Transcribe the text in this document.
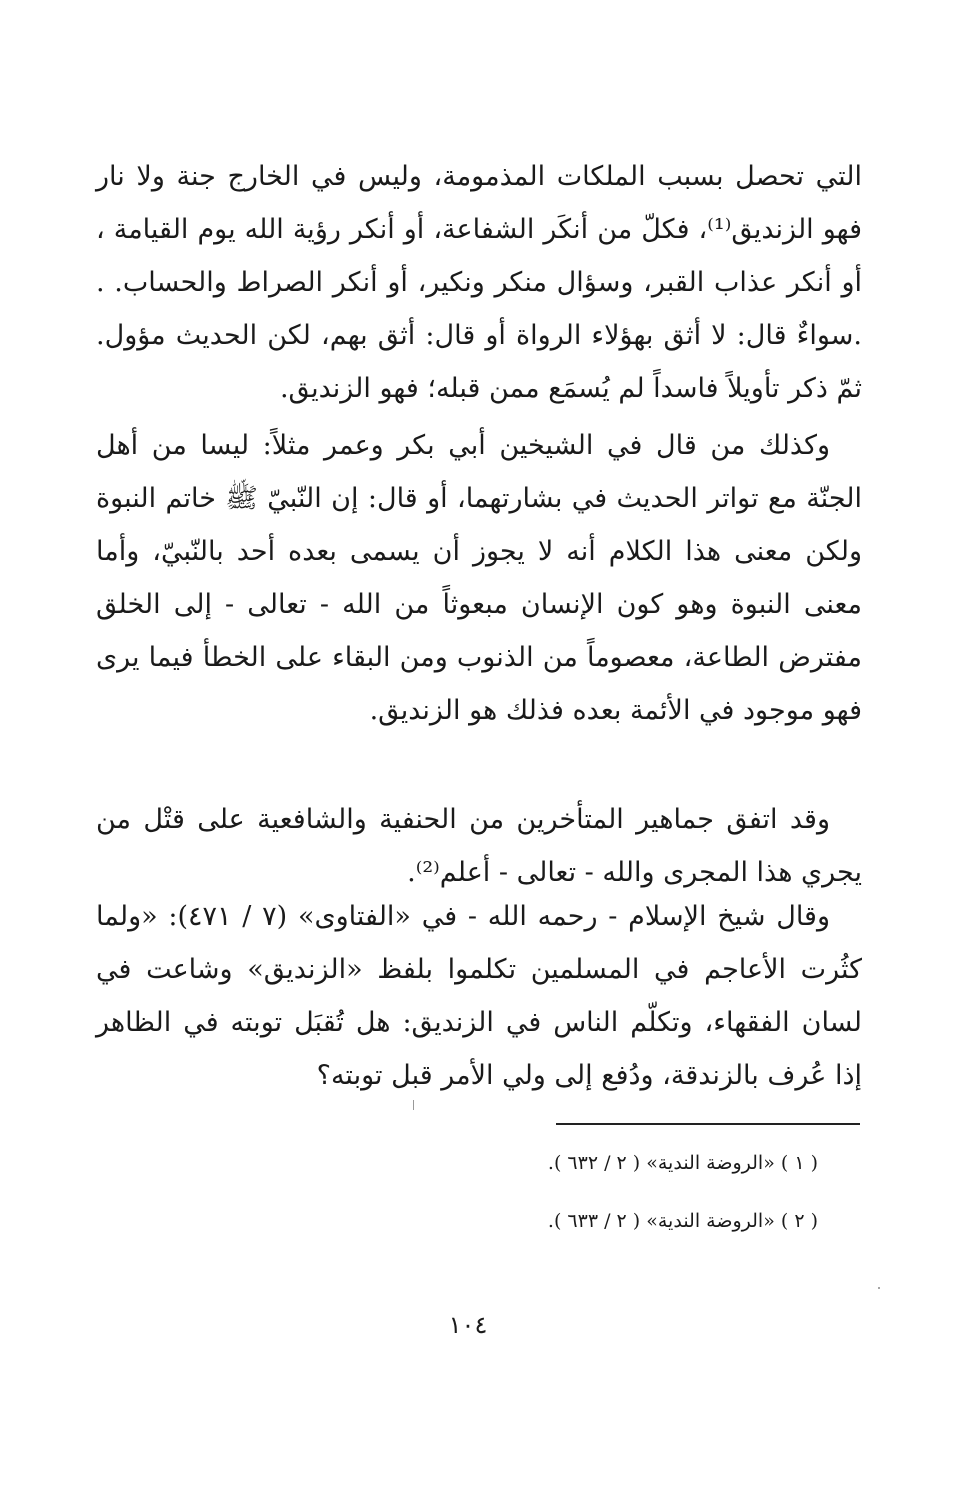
التي تحصل بسبب الملكات المذمومة، وليس في الخارج جنة ولا نار فهو الزنديق⁽¹⁾، فكلّ من أنكَر الشفاعة، أو أنكر رؤية الله يوم القيامة ، أو أنكر عذاب القبر، وسؤال منكر ونكير، أو أنكر الصراط والحساب. . .سواءٌ قال: لا أثق بهؤلاء الرواة أو قال: أثق بهم، لكن الحديث مؤول. ثمّ ذكر تأويلاً فاسداً لم يُسمَع ممن قبله؛ فهو الزنديق.

وكذلك من قال في الشيخين أبي بكر وعمر مثلاً: ليسا من أهل الجنّة مع تواتر الحديث في بشارتهما، أو قال: إن النّبيّ ﷺ خاتم النبوة ولكن معنى هذا الكلام أنه لا يجوز أن يسمى بعده أحد بالنّبيّ، وأما معنى النبوة وهو كون الإنسان مبعوثاً من الله - تعالى - إلى الخلق مفترض الطاعة، معصوماً من الذنوب ومن البقاء على الخطأ فيما يرى فهو موجود في الأئمة بعده فذلك هو الزنديق.

وقد اتفق جماهير المتأخرين من الحنفية والشافعية على قتْل من يجري هذا المجرى والله - تعالى - أعلم⁽²⁾.

وقال شيخ الإسلام - رحمه الله - في «الفتاوى» (٧ / ٤٧١): «ولما كثُرت الأعاجم في المسلمين تكلموا بلفظ «الزنديق» وشاعت في لسان الفقهاء، وتكلّم الناس في الزنديق: هل تُقبَل توبته في الظاهر إذا عُرف بالزندقة، ودُفع إلى ولي الأمر قبل توبته؟

( ١ ) «الروضة الندية» ( ٢ / ٦٣٢ ).
( ٢ ) «الروضة الندية» ( ٢ / ٦٣٣ ).
١٠٤
